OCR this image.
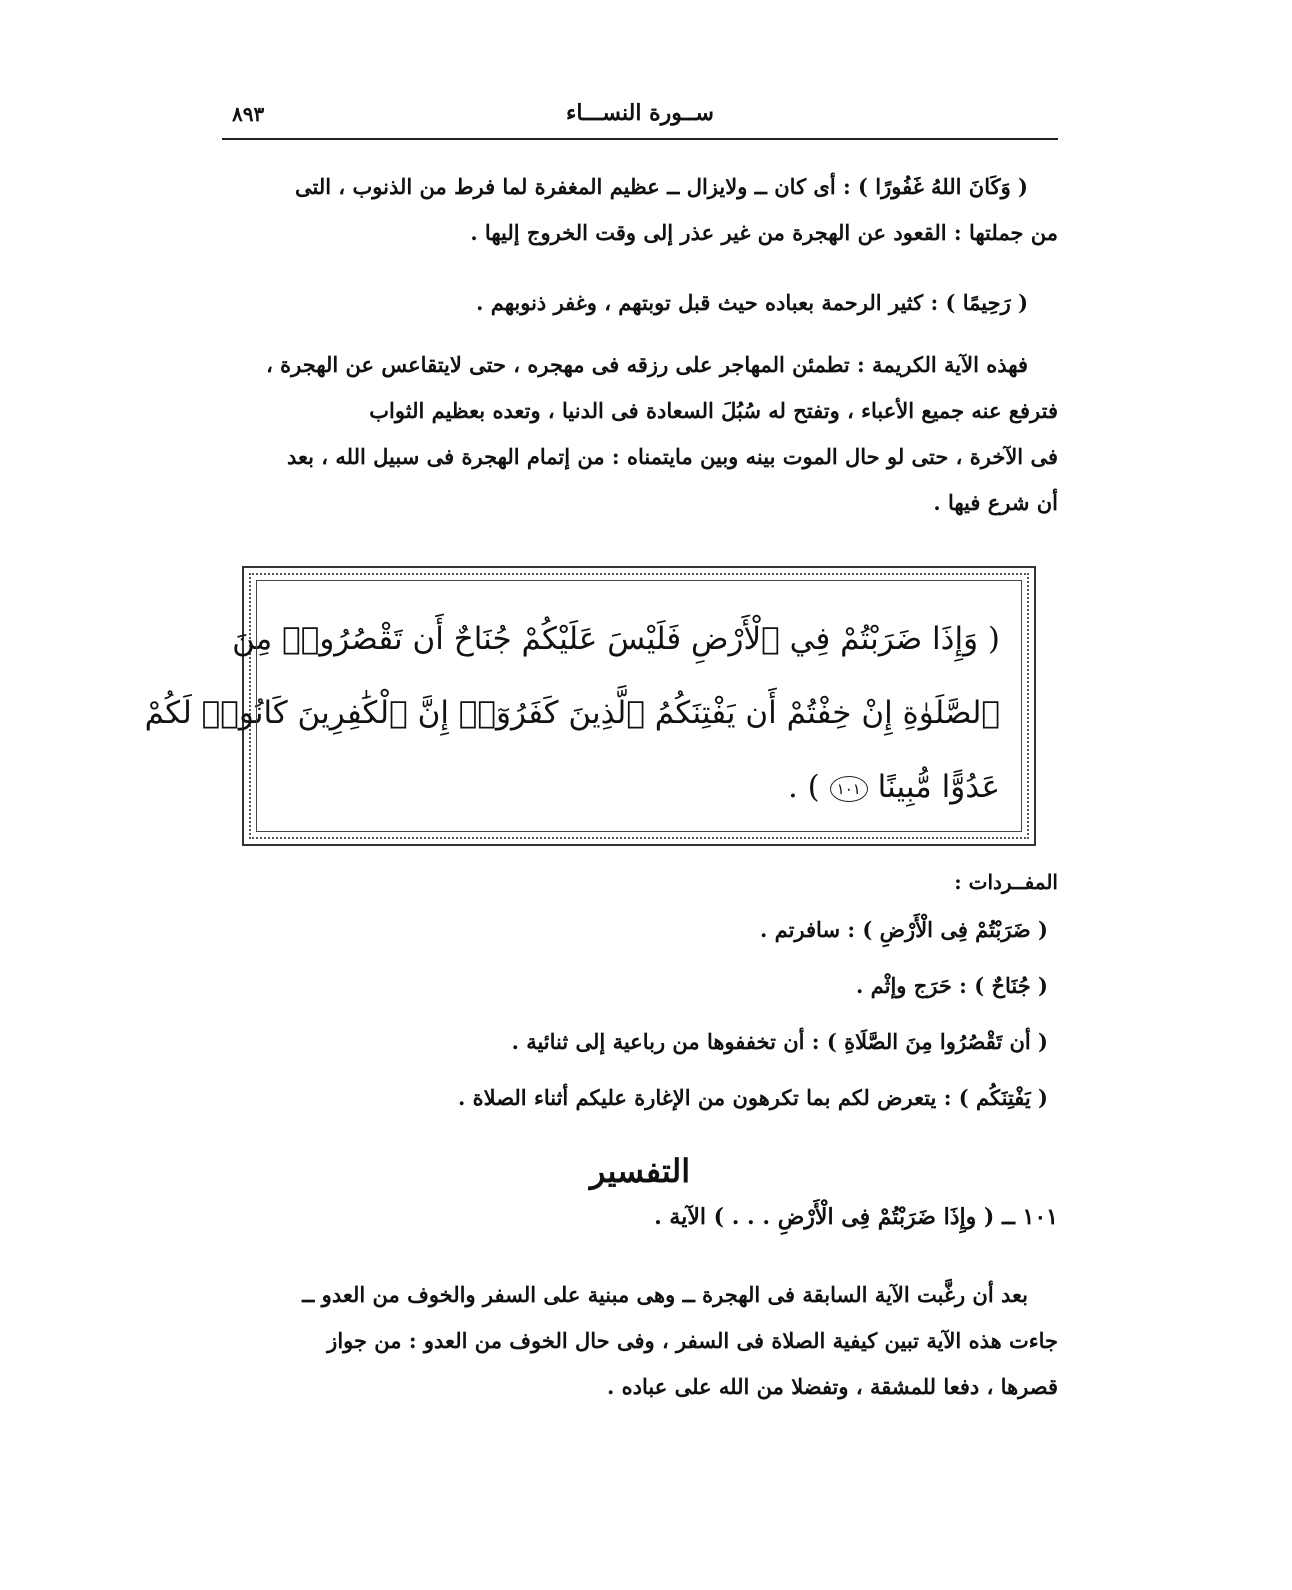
ســورة النســـاء
٨٩٣
( وَكَانَ اللهُ غَفُورًا ) : أى كان ــ ولايزال ــ عظيم المغفرة لما فرط من الذنوب ، التى
من جملتها : القعود عن الهجرة من غير عذر إلى وقت الخروج إليها .
( رَحِيمًا ) : كثير الرحمة بعباده حيث قبل توبتهم ، وغفر ذنوبهم .
فهذه الآية الكريمة : تطمئن المهاجر على رزقه فى مهجره ، حتى لايتقاعس عن الهجرة ،
فترفع عنه جميع الأعباء ، وتفتح له سُبُلَ السعادة فى الدنيا ، وتعده بعظيم الثواب
فى الآخرة ، حتى لو حال الموت بينه وبين مايتمناه : من إتمام الهجرة فى سبيل الله ، بعد
أن شرع فيها .
( وَإِذَا ضَرَبْتُمْ فِي ٱلْأَرْضِ فَلَيْسَ عَلَيْكُمْ جُنَاحٌ أَن تَقْصُرُوا۟ مِنَ
ٱلصَّلَوٰةِ إِنْ خِفْتُمْ أَن يَفْتِنَكُمُ ٱلَّذِينَ كَفَرُوٓا۟ إِنَّ ٱلْكَٰفِرِينَ كَانُوا۟ لَكُمْ
عَدُوًّا مُّبِينًا ١٠١ ) .
المفــردات :
( ضَرَبْتُمْ فِى الْأَرْضِ ) : سافرتم .
( جُنَاحٌ ) : حَرَج وإثْم .
( أن تَقْصُرُوا مِنَ الصَّلَاةِ ) : أن تخففوها من رباعية إلى ثنائية .
( يَفْتِنَكُم ) : يتعرض لكم بما تكرهون من الإغارة عليكم أثناء الصلاة .
التفسير
١٠١ ــ ( وإِذَا ضَرَبْتُمْ فِى الْأَرْضِ . . . ) الآية .
بعد أن رغَّبت الآية السابقة فى الهجرة ــ وهى مبنية على السفر والخوف من العدو ــ
جاءت هذه الآية تبين كيفية الصلاة فى السفر ، وفى حال الخوف من العدو : من جواز
قصرها ، دفعا للمشقة ، وتفضلا من الله على عباده .
